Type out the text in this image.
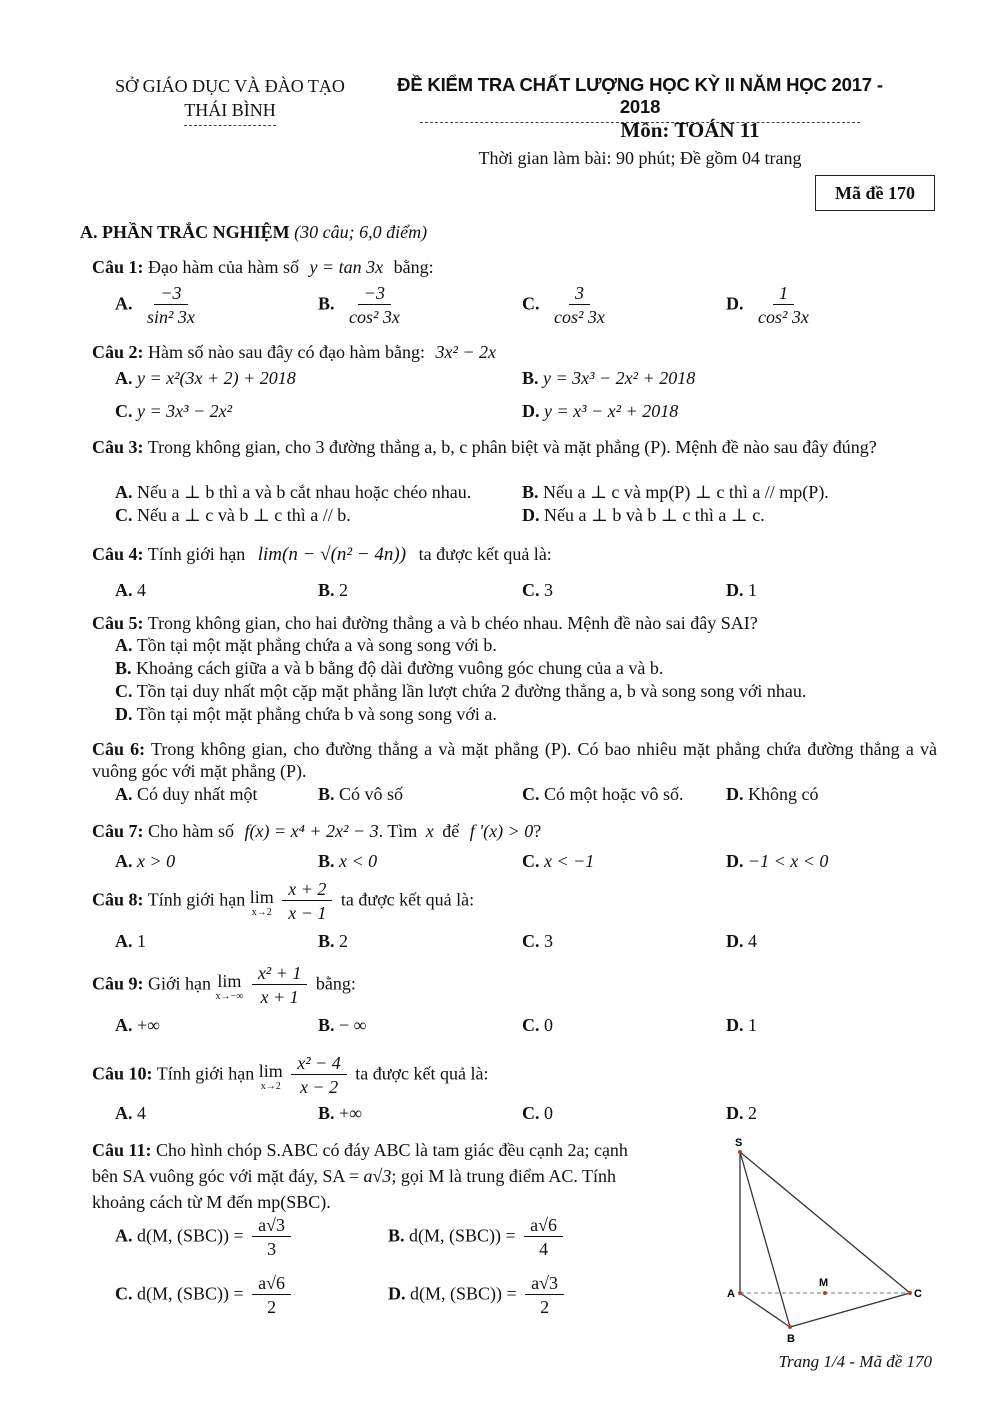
SỞ GIÁO DỤC VÀ ĐÀO TẠO
THÁI BÌNH
ĐỀ KIỂM TRA CHẤT LƯỢNG HỌC KỲ II NĂM HỌC 2017 - 2018
Môn: TOÁN 11
Thời gian làm bài: 90 phút; Đề gồm 04 trang
Mã đề 170
A. PHẦN TRẮC NGHIỆM (30 câu; 6,0 điểm)
Câu 1: Đạo hàm của hàm số y = tan 3x bằng:
A. $\frac{-3}{\text{sin² 3x}}$	B. $\frac{-3}{\text{cos² 3x}}$	C. $\frac{3}{\text{cos² 3x}}$	D. $\frac{1}{\text{cos² 3x}}$
Câu 2: Hàm số nào sau đây có đạo hàm bằng: 3x² − 2x
A. y = x²(3x + 2) + 2018	B. y = 3x³ − 2x² + 2018
C. y = 3x³ − 2x²	D. y = x³ − x² + 2018
Câu 3: Trong không gian, cho 3 đường thẳng a, b, c phân biệt và mặt phẳng (P). Mệnh đề nào sau đây đúng?
A. Nếu a ⊥ b thì a và b cắt nhau hoặc chéo nhau.	B. Nếu a ⊥ c và mp(P) ⊥ c thì a // mp(P).
C. Nếu a ⊥ c và b ⊥ c thì a // b.	D. Nếu a ⊥ b và b ⊥ c thì a ⊥ c.
Câu 4: Tính giới hạn lim(n − √(n² − 4n)) ta được kết quả là:
A. 4	B. 2	C. 3	D. 1
Câu 5: Trong không gian, cho hai đường thẳng a và b chéo nhau. Mệnh đề nào sai đây SAI?
A. Tồn tại một mặt phẳng chứa a và song song với b.
B. Khoảng cách giữa a và b bằng độ dài đường vuông góc chung của a và b.
C. Tồn tại duy nhất một cặp mặt phẳng lần lượt chứa 2 đường thẳng a, b và song song với nhau.
D. Tồn tại một mặt phẳng chứa b và song song với a.
Câu 6: Trong không gian, cho đường thẳng a và mặt phẳng (P). Có bao nhiêu mặt phẳng chứa đường thẳng a và vuông góc với mặt phẳng (P).
A. Có duy nhất một	B. Có vô số	C. Có một hoặc vô số. D. Không có
Câu 7: Cho hàm số f(x) = x⁴ + 2x² − 3. Tìm x để f '(x) > 0?
A. x > 0	B. x < 0	C. x < −1	D. −1 < x < 0
Câu 8: Tính giới hạn lim
x→2
$\frac{x + 2}{x - 1}$ ta được kết quả là:
A. 1	B. 2	C. 3	D. 4
Câu 9: Giới hạn lim
x→−∞
$\frac{\text{x² + 1}}{x + 1}$ bằng:
A. +∞	B. − ∞	C. 0	D. 1
Câu 10: Tính giới hạn lim
x→2
$\frac{\text{x² − 4}}{x - 2}$ ta được kết quả là:
A. 4	B. +∞	C. 0	D. 2
Câu 11: Cho hình chóp S.ABC có đáy ABC là tam giác đều cạnh 2a; cạnh
bên SA vuông góc với mặt đáy, SA = a√3; gọi M là trung điểm AC. Tính
khoảng cách từ M đến mp(SBC).
A. d(M, $(SBC)) = \frac{a√3}{3}$	B. d(M, $(SBC)) = \frac{a√6}{4}$
C. d(M, $(SBC)) = \frac{a√6}{2}$	D. d(M, $(SBC)) = \frac{a√3}{2}$
S
A
B
C
M
Trang 1/4 - Mã đề 170
